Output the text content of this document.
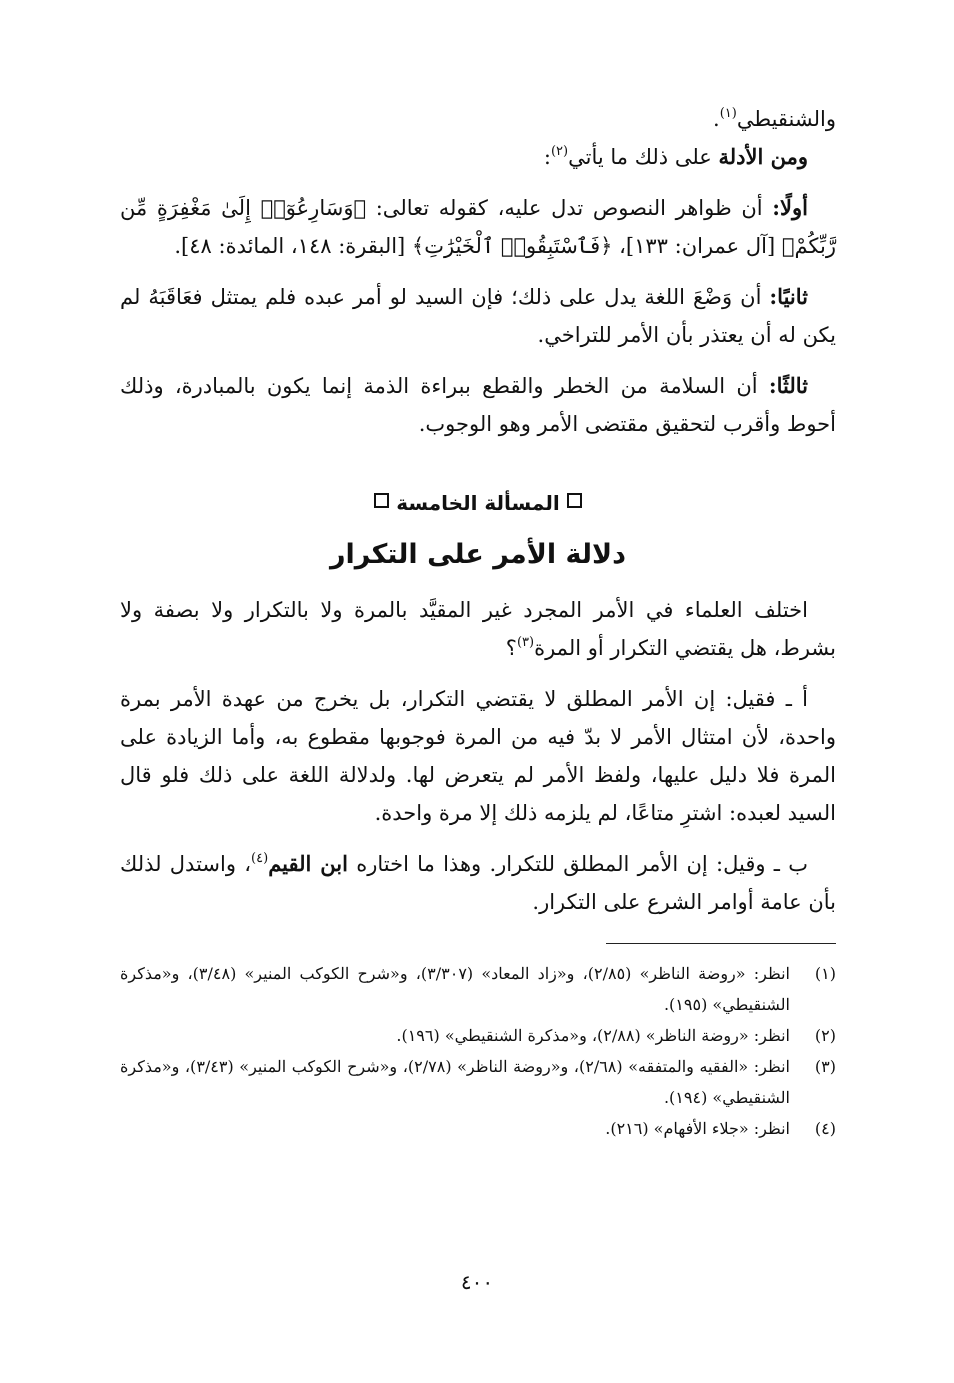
والشنقيطي$^{(١)}$.

ومن الأدلة على ذلك ما يأتي$^{(٢)}$:

أولًا: أن ظواهر النصوص تدل عليه، كقوله تعالى: ﴿وَسَارِعُوٓا۟ إِلَىٰ مَغْفِرَةٍ مِّن رَّبِّكُمْ﴾ [آل عمران: ١٣٣]، ﴿فَٱسْتَبِقُوا۟ ٱلْخَيْرَٰتِ﴾ [البقرة: ١٤٨، المائدة: ٤٨].

ثانيًا: أن وَضْعَ اللغة يدل على ذلك؛ فإن السيد لو أمر عبده فلم يمتثل فعَاقَبَهُ لم يكن له أن يعتذر بأن الأمر للتراخي.

ثالثًا: أن السلامة من الخطر والقطع ببراءة الذمة إنما يكون بالمبادرة، وذلك أحوط وأقرب لتحقيق مقتضى الأمر وهو الوجوب.

المسألة الخامسة
دلالة الأمر على التكرار

اختلف العلماء في الأمر المجرد غير المقيَّد بالمرة ولا بالتكرار ولا بصفة ولا بشرط، هل يقتضي التكرار أو المرة$^{(٣)}$؟

أ ـ فقيل: إن الأمر المطلق لا يقتضي التكرار، بل يخرج من عهدة الأمر بمرة واحدة، لأن امتثال الأمر لا بدّ فيه من المرة فوجوبها مقطوع به، وأما الزيادة على المرة فلا دليل عليها، ولفظ الأمر لم يتعرض لها. ولدلالة اللغة على ذلك فلو قال السيد لعبده: اشترِ متاعًا، لم يلزمه ذلك إلا مرة واحدة.

ب ـ وقيل: إن الأمر المطلق للتكرار. وهذا ما اختاره ابن القيم$^{(٤)}$، واستدل لذلك بأن عامة أوامر الشرع على التكرار.

(١)
انظر: «روضة الناظر» (٢/٨٥)، و«زاد المعاد» (٣/٣٠٧)، و«شرح الكوكب المنير» (٣/٤٨)، و«مذكرة الشنقيطي» (١٩٥).
(٢)
انظر: «روضة الناظر» (٢/٨٨)، و«مذكرة الشنقيطي» (١٩٦).
(٣)
انظر: «الفقيه والمتفقه» (٢/٦٨)، و«روضة الناظر» (٢/٧٨)، و«شرح الكوكب المنير» (٣/٤٣)، و«مذكرة الشنقيطي» (١٩٤).
(٤)
انظر: «جلاء الأفهام» (٢١٦).
٤٠٠
